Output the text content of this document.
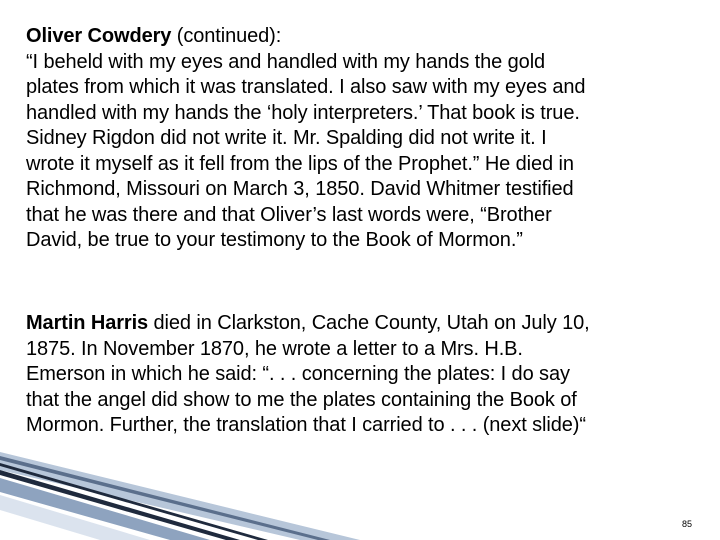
Oliver Cowdery (continued):
“I beheld with my eyes and handled with my hands the gold
plates from which it was translated. I also saw with my eyes and
handled with my hands the ‘holy interpreters.’ That book is true.
Sidney Rigdon did not write it. Mr. Spalding did not write it. I
wrote it myself as it fell from the lips of the Prophet.” He died in
Richmond, Missouri on March 3, 1850. David Whitmer testified
that he was there and that Oliver’s last words were, “Brother
David, be true to your testimony to the Book of Mormon.”
Martin Harris died in Clarkston, Cache County, Utah on July 10,
1875. In November 1870, he wrote a letter to a Mrs. H.B.
Emerson in which he said: “. . . concerning the plates: I do say
that the angel did show to me the plates containing the Book of
Mormon. Further, the translation that I carried to . . . (next slide)“
85
